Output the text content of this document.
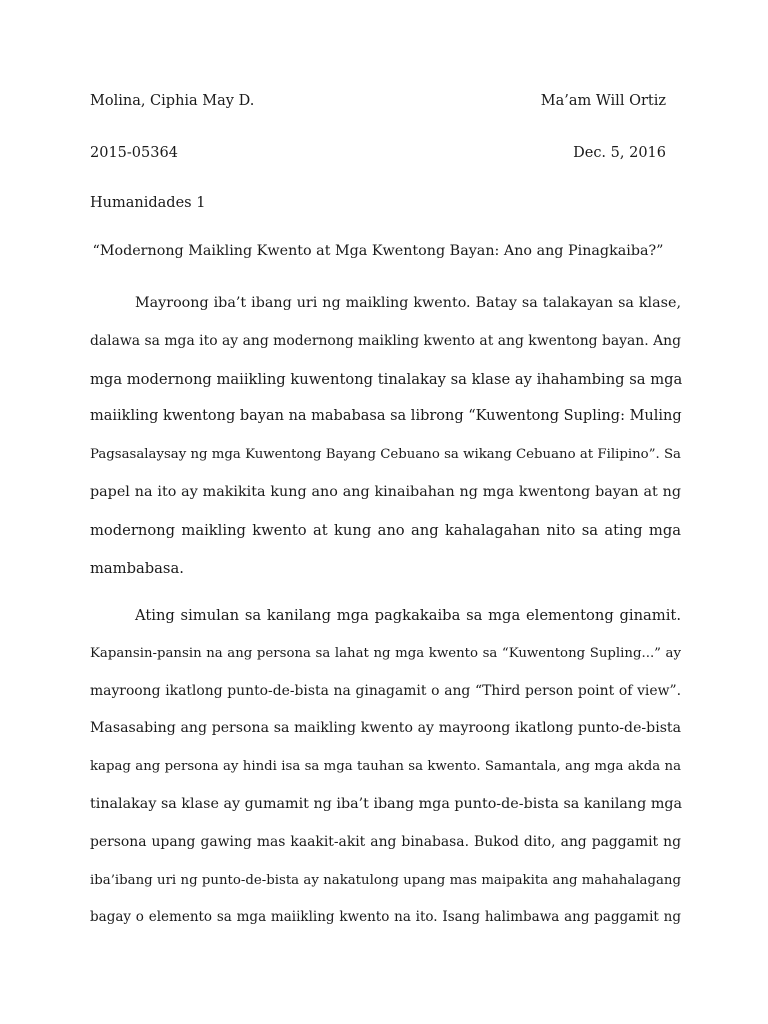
Molina, Ciphia May D.	Ma’am Will Ortiz
2015-05364	Dec. 5, 2016
Humanidades 1
“Modernong Maikling Kwento at Mga Kwentong Bayan: Ano ang Pinagkaiba?”
Mayroong iba’t ibang uri ng maikling kwento. Batay sa talakayan sa klase,
dalawa sa mga ito ay ang modernong maikling kwento at ang kwentong bayan. Ang
mga modernong maiikling kuwentong tinalakay sa klase ay ihahambing sa mga
maiikling kwentong bayan na mababasa sa librong “Kuwentong Supling: Muling
Pagsasalaysay ng mga Kuwentong Bayang Cebuano sa wikang Cebuano at Filipino”. Sa
papel na ito ay makikita kung ano ang kinaibahan ng mga kwentong bayan at ng
modernong maikling kwento at kung ano ang kahalagahan nito sa ating mga
mambabasa.
Ating simulan sa kanilang mga pagkakaiba sa mga elementong ginamit.
Kapansin-pansin na ang persona sa lahat ng mga kwento sa “Kuwentong Supling...” ay
mayroong ikatlong punto-de-bista na ginagamit o ang “Third person point of view”.
Masasabing ang persona sa maikling kwento ay mayroong ikatlong punto-de-bista
kapag ang persona ay hindi isa sa mga tauhan sa kwento. Samantala, ang mga akda na
tinalakay sa klase ay gumamit ng iba’t ibang mga punto-de-bista sa kanilang mga
persona upang gawing mas kaakit-akit ang binabasa. Bukod dito, ang paggamit ng
iba’ibang uri ng punto-de-bista ay nakatulong upang mas maipakita ang mahahalagang
bagay o elemento sa mga maiikling kwento na ito. Isang halimbawa ang paggamit ng
